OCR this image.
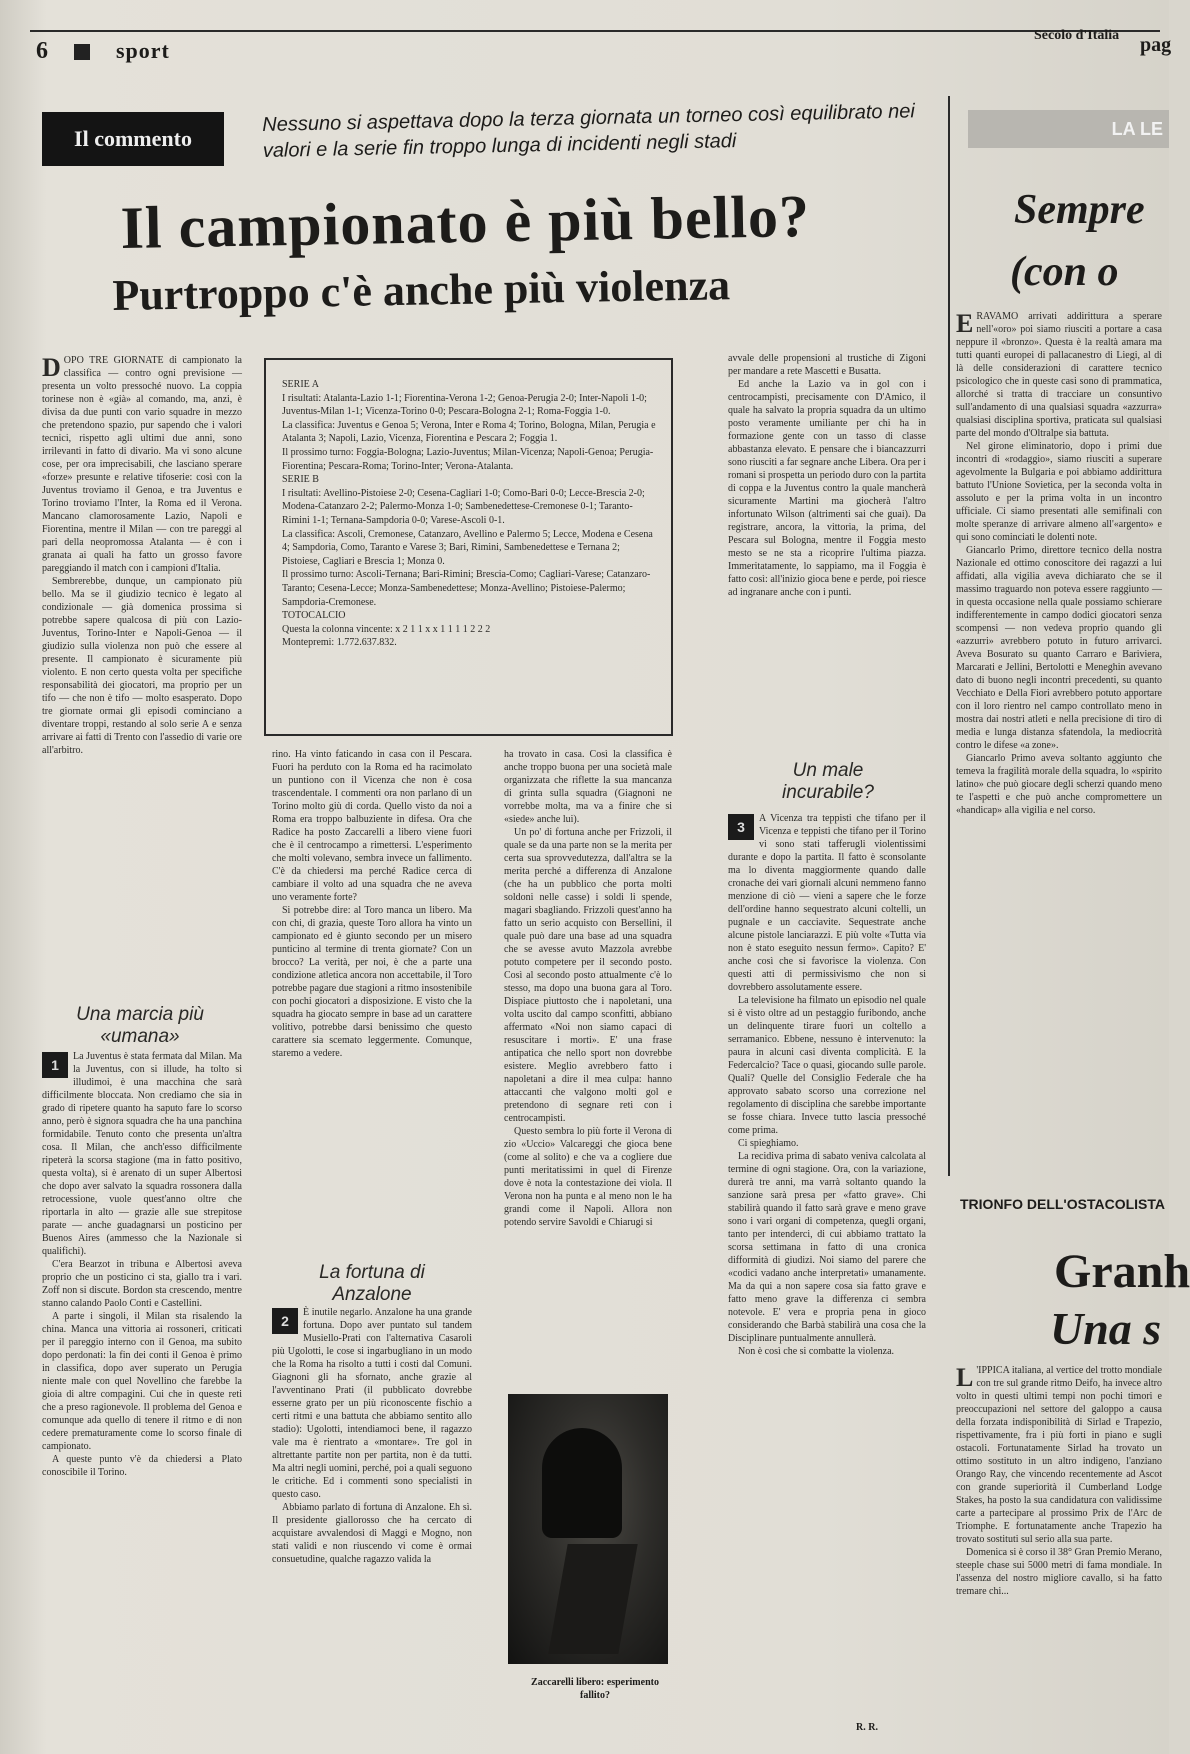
6	sport
Secolo d'Italia pag
Il commento
Nessuno si aspettava dopo la terza giornata un torneo così equilibrato nei valori e la serie fin troppo lunga di incidenti negli stadi
Il campionato è più bello?
Purtroppo c'è anche più violenza
DOPO TRE GIORNATE di campionato la classifica — contro ogni previsione — presenta un volto pressoché nuovo. La coppia torinese non è «già» al comando, ma, anzi, è divisa da due punti con vario squadre in mezzo che pretendono spazio, pur sapendo che i valori tecnici, rispetto agli ultimi due anni, sono irrilevanti in fatto di divario. Ma vi sono alcune cose, per ora imprecisabili, che lasciano sperare «forze» presunte e relative tifoserie: così con la Juventus troviamo il Genoa, e tra Juventus e Torino troviamo l'Inter, la Roma ed il Verona. Mancano clamorosamente Lazio, Napoli e Fiorentina, mentre il Milan — con tre pareggi al pari della neopromossa Atalanta — è con i granata ai quali ha fatto un grosso favore pareggiando il match con i campioni d'Italia.

Sembrerebbe, dunque, un campionato più bello. Ma se il giudizio tecnico è legato al condizionale — già domenica prossima si potrebbe sapere qualcosa di più con Lazio-Juventus, Torino-Inter e Napoli-Genoa — il giudizio sulla violenza non può che essere al presente. Il campionato è sicuramente più violento. E non certo questa volta per specifiche responsabilità dei giocatori, ma proprio per un tifo — che non è tifo — molto esasperato. Dopo tre giornate ormai gli episodi cominciano a diventare troppi, restando al solo serie A e senza arrivare ai fatti di Trento con l'assedio di varie ore all'arbitro.

Una marcia più «umana»
1
La Juventus è stata fermata dal Milan. Ma la Juventus, con si illude, ha tolto si illudimoi, è una macchina che sarà difficilmente bloccata. Non crediamo che sia in grado di ripetere quanto ha saputo fare lo scorso anno, però è signora squadra che ha una panchina formidabile. Tenuto conto che presenta un'altra cosa. Il Milan, che anch'esso difficilmente ripeterà la scorsa stagione (ma in fatto positivo, questa volta), si è arenato di un super Albertosi che dopo aver salvato la squadra rossonera dalla retrocessione, vuole quest'anno oltre che riportarla in alto — grazie alle sue strepitose parate — anche guadagnarsi un posticino per Buenos Aires (ammesso che la Nazionale si qualifichi).

C'era Bearzot in tribuna e Albertosi aveva proprio che un posticino ci sta, giallo tra i vari. Zoff non si discute. Bordon sta crescendo, mentre stanno calando Paolo Conti e Castellini.

A parte i singoli, il Milan sta risalendo la china. Manca una vittoria ai rossoneri, criticati per il pareggio interno con il Genoa, ma subito dopo perdonati: la fin dei conti il Genoa è primo in classifica, dopo aver superato un Perugia niente male con quel Novellino che farebbe la gioia di altre compagini. Cui che in queste reti che a preso ragionevole. Il problema del Genoa e comunque ada quello di tenere il ritmo e di non cedere prematuramente come lo scorso finale di campionato.

A queste punto v'è da chiedersi a Plato conoscibile il Torino.

SERIE A
I risultati: Atalanta-Lazio 1-1; Fiorentina-Verona 1-2; Genoa-Perugia 2-0; Inter-Napoli 1-0; Juventus-Milan 1-1; Vicenza-Torino 0-0; Pescara-Bologna 2-1; Roma-Foggia 1-0.
La classifica: Juventus e Genoa 5; Verona, Inter e Roma 4; Torino, Bologna, Milan, Perugia e Atalanta 3; Napoli, Lazio, Vicenza, Fiorentina e Pescara 2; Foggia 1.
Il prossimo turno: Foggia-Bologna; Lazio-Juventus; Milan-Vicenza; Napoli-Genoa; Perugia-Fiorentina; Pescara-Roma; Torino-Inter; Verona-Atalanta.
SERIE B
I risultati: Avellino-Pistoiese 2-0; Cesena-Cagliari 1-0; Como-Bari 0-0; Lecce-Brescia 2-0; Modena-Catanzaro 2-2; Palermo-Monza 1-0; Sambenedettese-Cremonese 0-1; Taranto-Rimini 1-1; Ternana-Sampdoria 0-0; Varese-Ascoli 0-1.
La classifica: Ascoli, Cremonese, Catanzaro, Avellino e Palermo 5; Lecce, Modena e Cesena 4; Sampdoria, Como, Taranto e Varese 3; Bari, Rimini, Sambenedettese e Ternana 2; Pistoiese, Cagliari e Brescia 1; Monza 0.
Il prossimo turno: Ascoli-Ternana; Bari-Rimini; Brescia-Como; Cagliari-Varese; Catanzaro-Taranto; Cesena-Lecce; Monza-Sambenedettese; Monza-Avellino; Pistoiese-Palermo; Sampdoria-Cremonese.
TOTOCALCIO
Questa la colonna vincente: x 2 1 1 x x 1 1 1 1 2 2 2
Montepremi: 1.772.637.832.
rino. Ha vinto faticando in casa con il Pescara. Fuori ha perduto con la Roma ed ha racimolato un puntiono con il Vicenza che non è cosa trascendentale. I commenti ora non parlano di un Torino molto giù di corda. Quello visto da noi a Roma era troppo balbuziente in difesa. Ora che Radice ha posto Zaccarelli a libero viene fuori che è il centrocampo a rimettersi. L'esperimento che molti volevano, sembra invece un fallimento. C'è da chiedersi ma perché Radice cerca di cambiare il volto ad una squadra che ne aveva uno veramente forte?

Si potrebbe dire: al Toro manca un libero. Ma con chi, di grazia, queste Toro allora ha vinto un campionato ed è giunto secondo per un misero punticino al termine di trenta giornate? Con un brocco? La verità, per noi, è che a parte una condizione atletica ancora non accettabile, il Toro potrebbe pagare due stagioni a ritmo insostenibile con pochi giocatori a disposizione. E visto che la squadra ha giocato sempre in base ad un carattere volitivo, potrebbe darsi benissimo che questo carattere sia scemato leggermente. Comunque, staremo a vedere.

La fortuna di Anzalone
2
È inutile negarlo. Anzalone ha una grande fortuna. Dopo aver puntato sul tandem Musiello-Prati con l'alternativa Casaroli più Ugolotti, le cose si ingarbugliano in un modo che la Roma ha risolto a tutti i costi dal Comuni. Giagnoni gli ha sfornato, anche grazie al l'avventinano Prati (il pubblicato dovrebbe esserne grato per un più riconoscente fischio a certi ritmi e una battuta che abbiamo sentito allo stadio): Ugolotti, intendiamoci bene, il ragazzo vale ma è rientrato a «montare». Tre gol in altrettante partite non per partita, non è da tutti. Ma altri negli uomini, perché, poi a quali seguono le critiche. Ed i commenti sono specialisti in questo caso.

Abbiamo parlato di fortuna di Anzalone. Eh sì. Il presidente giallorosso che ha cercato di acquistare avvalendosi di Maggi e Mogno, non stati validi e non riuscendo vi come è ormai consuetudine, qualche ragazzo valida la

ha trovato in casa. Così la classifica è anche troppo buona per una società male organizzata che riflette la sua mancanza di grinta sulla squadra (Giagnoni ne vorrebbe molta, ma va a finire che si «siede» anche lui).

Un po' di fortuna anche per Frizzoli, il quale se da una parte non se la merita per certa sua sprovvedutezza, dall'altra se la merita perché a differenza di Anzalone (che ha un pubblico che porta molti soldoni nelle casse) i soldi li spende, magari sbagliando. Frizzoli quest'anno ha fatto un serio acquisto con Bersellini, il quale può dare una base ad una squadra che se avesse avuto Mazzola avrebbe potuto competere per il secondo posto. Così al secondo posto attualmente c'è lo stesso, ma dopo una buona gara al Toro. Dispiace piuttosto che i napoletani, una volta uscito dal campo sconfitti, abbiano affermato «Noi non siamo capaci di resuscitare i morti». E' una frase antipatica che nello sport non dovrebbe esistere. Meglio avrebbero fatto i napoletani a dire il mea culpa: hanno attaccanti che valgono molti gol e pretendono di segnare reti con i centrocampisti.

Questo sembra lo più forte il Verona di zio «Uccio» Valcareggi che gioca bene (come al solito) e che va a cogliere due punti meritatissimi in quel di Firenze dove è nota la contestazione dei viola. Il Verona non ha punta e al meno non le ha grandi come il Napoli. Allora non potendo servire Savoldi e Chiarugi si

Zaccarelli libero: esperimento fallito?
avvale delle propensioni al trustiche di Zigoni per mandare a rete Mascetti e Busatta.

Ed anche la Lazio va in gol con i centrocampisti, precisamente con D'Amico, il quale ha salvato la propria squadra da un ultimo posto veramente umiliante per chi ha in formazione gente con un tasso di classe abbastanza elevato. E pensare che i biancazzurri sono riusciti a far segnare anche Libera. Ora per i romani si prospetta un periodo duro con la partita di coppa e la Juventus contro la quale mancherà sicuramente Martini ma giocherà l'altro infortunato Wilson (altrimenti sai che guai). Da registrare, ancora, la vittoria, la prima, del Pescara sul Bologna, mentre il Foggia mesto mesto se ne sta a ricoprire l'ultima piazza. Immeritatamente, lo sappiamo, ma il Foggia è fatto così: all'inizio gioca bene e perde, poi riesce ad ingranare anche con i punti.

Un male incurabile?
3
A Vicenza tra teppisti che tifano per il Vicenza e teppisti che tifano per il Torino vi sono stati tafferugli violentissimi durante e dopo la partita. Il fatto è sconsolante ma lo diventa maggiormente quando dalle cronache dei vari giornali alcuni nemmeno fanno menzione di ciò — vieni a sapere che le forze dell'ordine hanno sequestrato alcuni coltelli, un pugnale e un cacciavite. Sequestrate anche alcune pistole lanciarazzi. E più volte «Tutta via non è stato eseguito nessun fermo». Capito? E' anche così che si favorisce la violenza. Con questi atti di permissivismo che non si dovrebbero assolutamente essere.

La televisione ha filmato un episodio nel quale si è visto oltre ad un pestaggio furibondo, anche un delinquente tirare fuori un coltello a serramanico. Ebbene, nessuno è intervenuto: la paura in alcuni casi diventa complicità. E la Federcalcio? Tace o quasi, giocando sulle parole. Quali? Quelle del Consiglio Federale che ha approvato sabato scorso una correzione nel regolamento di disciplina che sarebbe importante se fosse chiara. Invece tutto lascia pressoché come prima.

Ci spieghiamo.

La recidiva prima di sabato veniva calcolata al termine di ogni stagione. Ora, con la variazione, durerà tre anni, ma varrà soltanto quando la sanzione sarà presa per «fatto grave». Chi stabilirà quando il fatto sarà grave e meno grave sono i vari organi di competenza, quegli organi, tanto per intenderci, di cui abbiamo trattato la scorsa settimana in fatto di una cronica difformità di giudizi. Noi siamo del parere che «codici vadano anche interpretati» umanamente. Ma da qui a non sapere cosa sia fatto grave e fatto meno grave la differenza ci sembra notevole. E' vera e propria pena in gioco considerando che Barbà stabilirà una cosa che la Disciplinare puntualmente annullerà.

Non è così che si combatte la violenza.

R. R.
LA LE
Sempre
(con o
ERAVAMO arrivati addirittura a sperare nell'«oro» poi siamo riusciti a portare a casa neppure il «bronzo». Questa è la realtà amara ma tutti quanti europei di pallacanestro di Liegi, al di là delle considerazioni di carattere tecnico psicologico che in queste casi sono di prammatica, allorché si tratta di tracciare un consuntivo sull'andamento di una qualsiasi squadra «azzurra» qualsiasi disciplina sportiva, praticata sul qualsiasi parte del mondo d'Oltralpe sia battuta.

Nel girone eliminatorio, dopo i primi due incontri di «rodaggio», siamo riusciti a superare agevolmente la Bulgaria e poi abbiamo addirittura battuto l'Unione Sovietica, per la seconda volta in assoluto e per la prima volta in un incontro ufficiale. Ci siamo presentati alle semifinali con molte speranze di arrivare almeno all'«argento» e qui sono cominciati le dolenti note.

Giancarlo Primo, direttore tecnico della nostra Nazionale ed ottimo conoscitore dei ragazzi a lui affidati, alla vigilia aveva dichiarato che se il massimo traguardo non poteva essere raggiunto — in questa occasione nella quale possiamo schierare indifferentemente in campo dodici giocatori senza scompensi — non vedeva proprio quando gli «azzurri» avrebbero potuto in futuro arrivarci. Aveva Bosurato su quanto Carraro e Bariviera, Marcarati e Jellini, Bertolotti e Meneghin avevano dato di buono negli incontri precedenti, su quanto Vecchiato e Della Fiori avrebbero potuto apportare con il loro rientro nel campo controllato meno in mostra dai nostri atleti e nella precisione di tiro di media e lunga distanza sfatendola, la mediocrità contro le difese «a zone».

Giancarlo Primo aveva soltanto aggiunto che temeva la fragilità morale della squadra, lo «spirito latino» che può giocare degli scherzi quando meno te l'aspetti e che può anche compromettere un «handicap» alla vigilia e nel corso.

TRIONFO DELL'OSTACOLISTA
Granh
Una s
L 'IPPICA italiana, al vertice del trotto mondiale con tre sul grande ritmo Deifo, ha invece altro volto in questi ultimi tempi non pochi timori e preoccupazioni nel settore del galoppo a causa della forzata indisponibilità di Sirlad e Trapezio, rispettivamente, fra i più forti in piano e sugli ostacoli. Fortunatamente Sirlad ha trovato un ottimo sostituto in un altro indigeno, l'anziano Orango Ray, che vincendo recentemente ad Ascot con grande superiorità il Cumberland Lodge Stakes, ha posto la sua candidatura con validissime carte a partecipare al prossimo Prix de l'Arc de Triomphe. E fortunatamente anche Trapezio ha trovato sostituti sul serio alla sua parte.

Domenica si è corso il 38° Gran Premio Merano, steeple chase sui 5000 metri di fama mondiale. In l'assenza del nostro migliore cavallo, si ha fatto tremare chi...
